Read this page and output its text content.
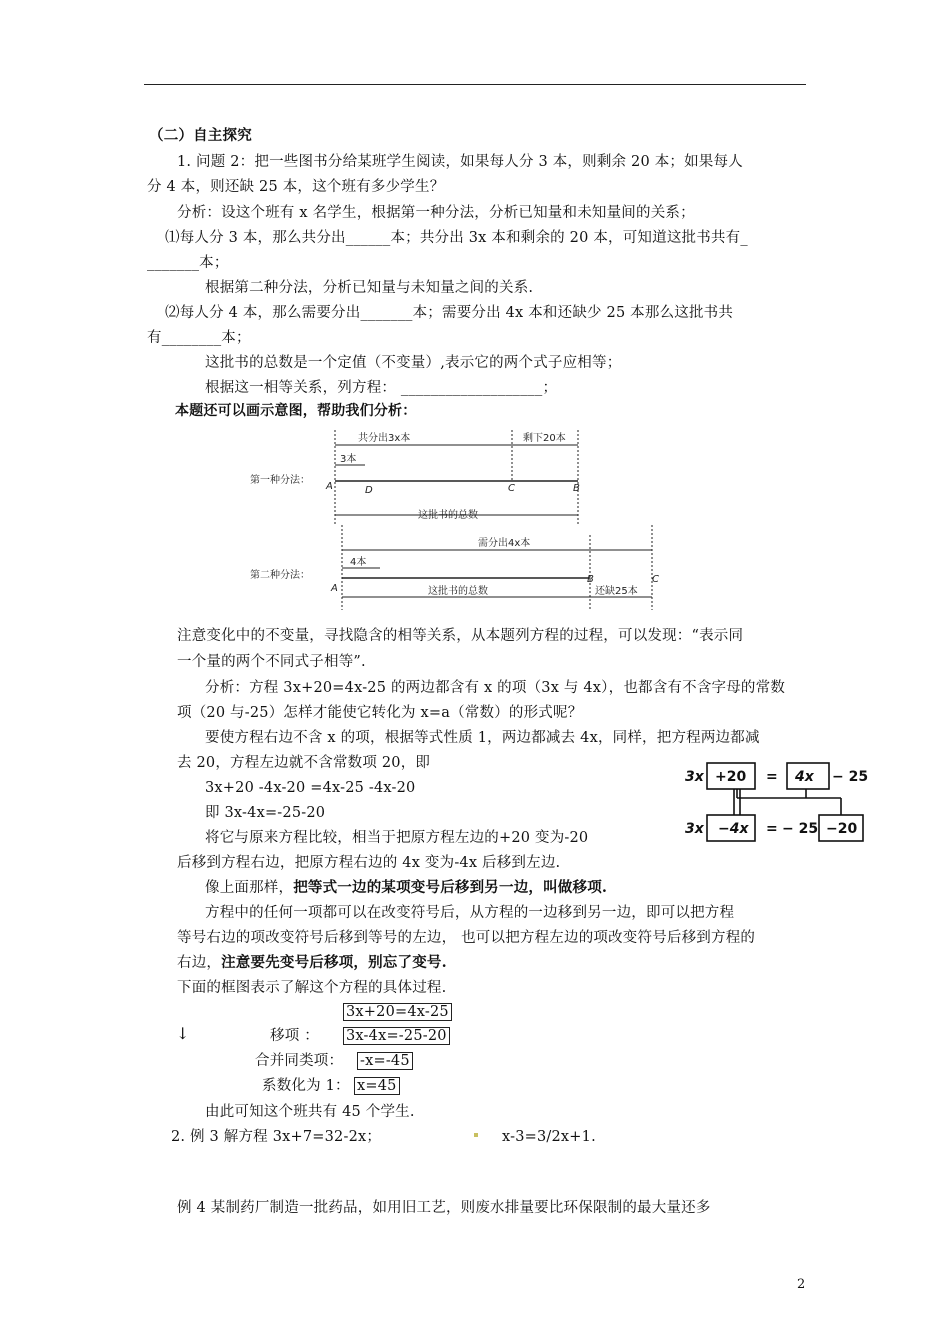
（二）自主探究
1. 问题 2：把一些图书分给某班学生阅读，如果每人分 3 本，则剩余 20 本；如果每人
分 4 本，则还缺 25 本，这个班有多少学生？
分析：设这个班有 x 名学生，根据第一种分法，分析已知量和未知量间的关系；
⑴每人分 3 本，那么共分出______本；共分出 3x 本和剩余的 20 本，可知道这批书共有_
_______本；
根据第二种分法，分析已知量与未知量之间的关系.
⑵每人分 4 本，那么需要分出_______本；需要分出 4x 本和还缺少 25 本那么这批书共
有________本；
这批书的总数是一个定值（不变量）,表示它的两个式子应相等；
根据这一相等关系，列方程： ___________________；
本题还可以画示意图，帮助我们分析：
第一种分法：
共分出3x本	剩下20本
3本
A	D	C	B
这批书的总数
第二种分法：
需分出4x本
4本
A
B	C
这批书的总数	还缺25本
注意变化中的不变量，寻找隐含的相等关系，从本题列方程的过程，可以发现：“表示同
一个量的两个不同式子相等”.
分析：方程 3x+20=4x-25 的两边都含有 x 的项（3x 与 4x），也都含有不含字母的常数
项（20 与-25）怎样才能使它转化为 x=a（常数）的形式呢？
要使方程右边不含 x 的项，根据等式性质 1，两边都减去 4x，同样，把方程两边都减
去 20，方程左边就不含常数项 20，即
3x+20 -4x-20 =4x-25 -4x-20
即 3x-4x=-25-20
将它与原来方程比较，相当于把原方程左边的+20 变为-20
后移到方程右边，把原方程右边的 4x 变为-4x 后移到左边.
像上面那样，把等式一边的某项变号后移到另一边，叫做移项.
方程中的任何一项都可以在改变符号后，从方程的一边移到另一边，即可以把方程
等号右边的项改变符号后移到等号的左边， 也可以把方程左边的项改变符号后移到方程的
右边，注意要先变号后移项，别忘了变号.
下面的框图表示了解这个方程的具体过程.
3x+20=4x-25
↓	移项 ： 3x-4x=-25-20
合并同类项： -x=-45
系数化为 1： x=45
由此可知这个班共有 45 个学生.
2. 例 3 解方程 3x+7=32-2x；	x-3=3/2x+1.
例 4 某制药厂制造一批药品，如用旧工艺，则废水排量要比环保限制的最大量还多
3x +20 = 4x − 25
3x −4x = − 25 −20
2
